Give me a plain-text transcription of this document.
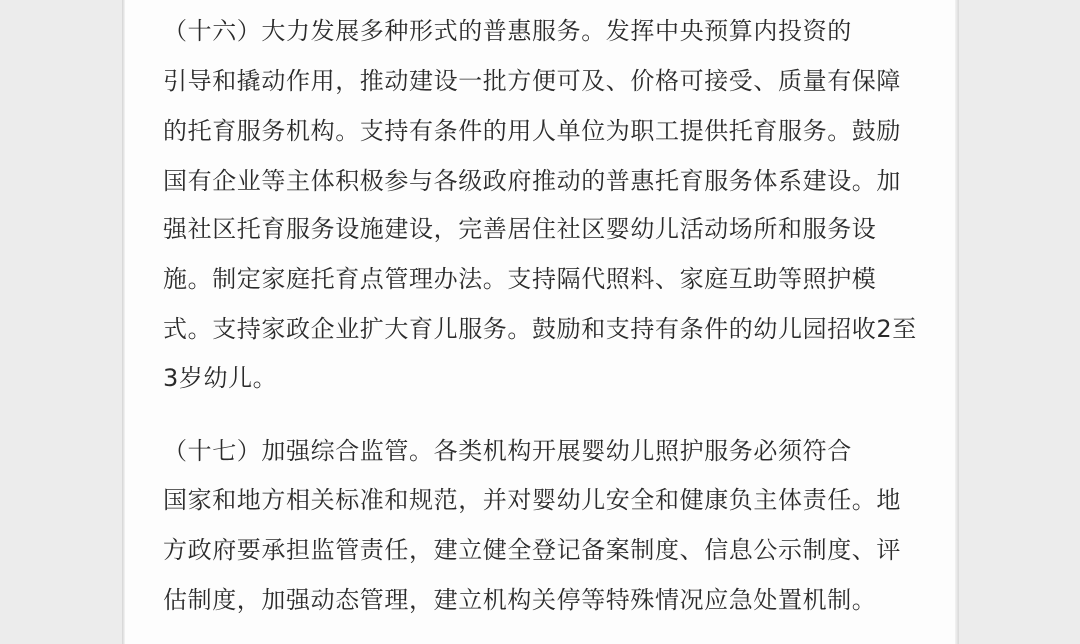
（十六）大力发展多种形式的普惠服务。发挥中央预算内投资的

引导和撬动作用，推动建设一批方便可及、价格可接受、质量有保障

的托育服务机构。支持有条件的用人单位为职工提供托育服务。鼓励

国有企业等主体积极参与各级政府推动的普惠托育服务体系建设。加

强社区托育服务设施建设，完善居住社区婴幼儿活动场所和服务设

施。制定家庭托育点管理办法。支持隔代照料、家庭互助等照护模

式。支持家政企业扩大育儿服务。鼓励和支持有条件的幼儿园招收2至

3岁幼儿。

（十七）加强综合监管。各类机构开展婴幼儿照护服务必须符合

国家和地方相关标准和规范，并对婴幼儿安全和健康负主体责任。地

方政府要承担监管责任，建立健全登记备案制度、信息公示制度、评

估制度，加强动态管理，建立机构关停等特殊情况应急处置机制。
